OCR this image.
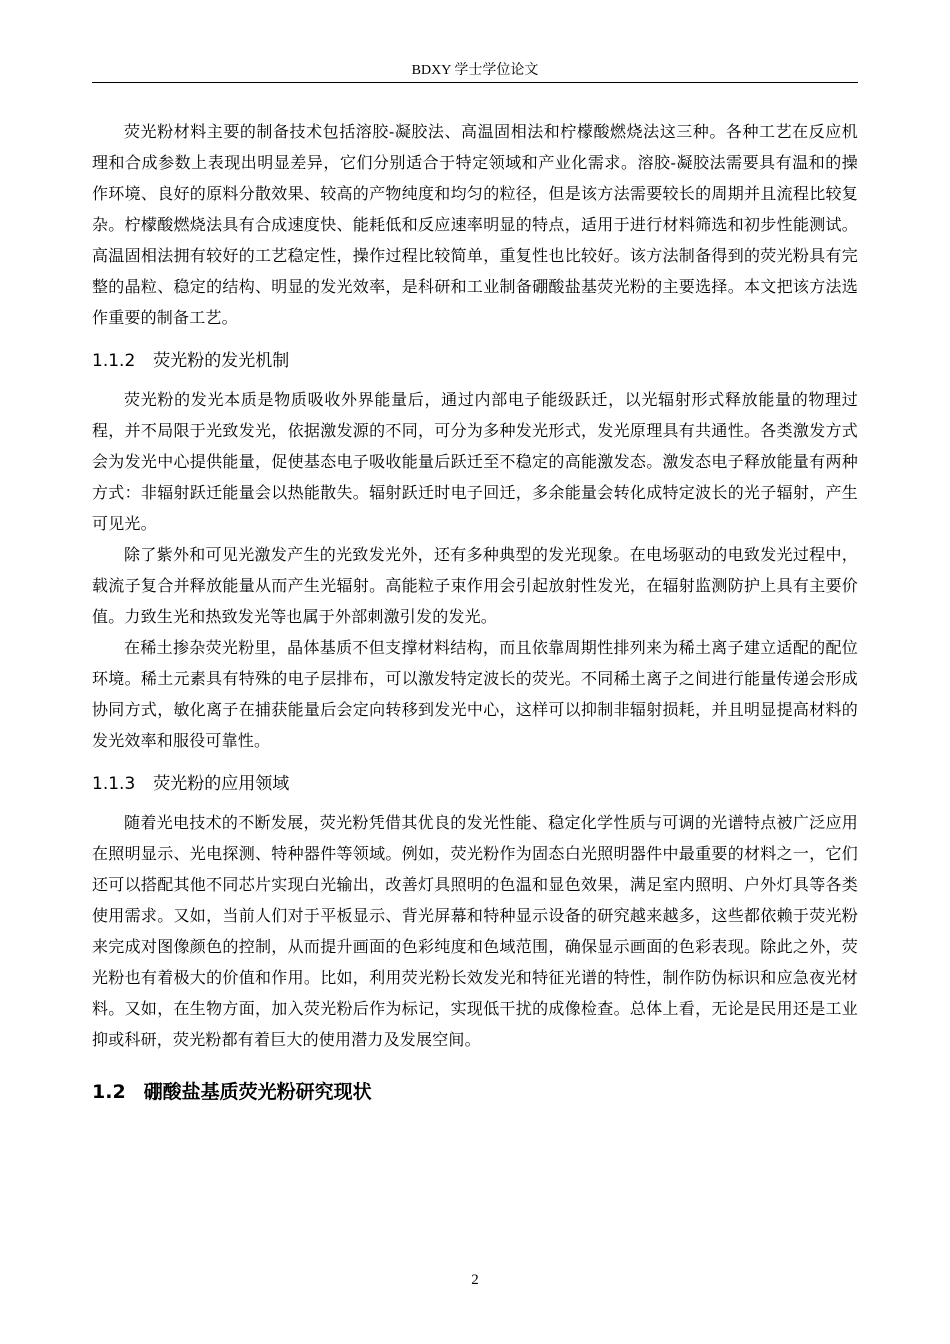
BDXY 学士学位论文

荧光粉材料主要的制备技术包括溶胶-凝胶法、高温固相法和柠檬酸燃烧法这三种。各种工艺在反应机理和合成参数上表现出明显差异，它们分别适合于特定领域和产业化需求。溶胶-凝胶法需要具有温和的操作环境、良好的原料分散效果、较高的产物纯度和均匀的粒径，但是该方法需要较长的周期并且流程比较复杂。柠檬酸燃烧法具有合成速度快、能耗低和反应速率明显的特点，适用于进行材料筛选和初步性能测试。高温固相法拥有较好的工艺稳定性，操作过程比较简单，重复性也比较好。该方法制备得到的荧光粉具有完整的晶粒、稳定的结构、明显的发光效率，是科研和工业制备硼酸盐基荧光粉的主要选择。本文把该方法选作重要的制备工艺。

1.1.2 荧光粉的发光机制

荧光粉的发光本质是物质吸收外界能量后，通过内部电子能级跃迁，以光辐射形式释放能量的物理过程，并不局限于光致发光，依据激发源的不同，可分为多种发光形式，发光原理具有共通性。各类激发方式会为发光中心提供能量，促使基态电子吸收能量后跃迁至不稳定的高能激发态。激发态电子释放能量有两种方式：非辐射跃迁能量会以热能散失。辐射跃迁时电子回迁，多余能量会转化成特定波长的光子辐射，产生可见光。

除了紫外和可见光激发产生的光致发光外，还有多种典型的发光现象。在电场驱动的电致发光过程中，载流子复合并释放能量从而产生光辐射。高能粒子束作用会引起放射性发光，在辐射监测防护上具有主要价值。力致生光和热致发光等也属于外部刺激引发的发光。

在稀土掺杂荧光粉里，晶体基质不但支撑材料结构，而且依靠周期性排列来为稀土离子建立适配的配位环境。稀土元素具有特殊的电子层排布，可以激发特定波长的荧光。不同稀土离子之间进行能量传递会形成协同方式，敏化离子在捕获能量后会定向转移到发光中心，这样可以抑制非辐射损耗，并且明显提高材料的发光效率和服役可靠性。

1.1.3 荧光粉的应用领域

随着光电技术的不断发展，荧光粉凭借其优良的发光性能、稳定化学性质与可调的光谱特点被广泛应用在照明显示、光电探测、特种器件等领域。例如，荧光粉作为固态白光照明器件中最重要的材料之一，它们还可以搭配其他不同芯片实现白光输出，改善灯具照明的色温和显色效果，满足室内照明、户外灯具等各类使用需求。又如，当前人们对于平板显示、背光屏幕和特种显示设备的研究越来越多，这些都依赖于荧光粉来完成对图像颜色的控制，从而提升画面的色彩纯度和色域范围，确保显示画面的色彩表现。除此之外，荧光粉也有着极大的价值和作用。比如，利用荧光粉长效发光和特征光谱的特性，制作防伪标识和应急夜光材料。又如，在生物方面，加入荧光粉后作为标记，实现低干扰的成像检查。总体上看，无论是民用还是工业抑或科研，荧光粉都有着巨大的使用潜力及发展空间。

1.2 硼酸盐基质荧光粉研究现状
2
